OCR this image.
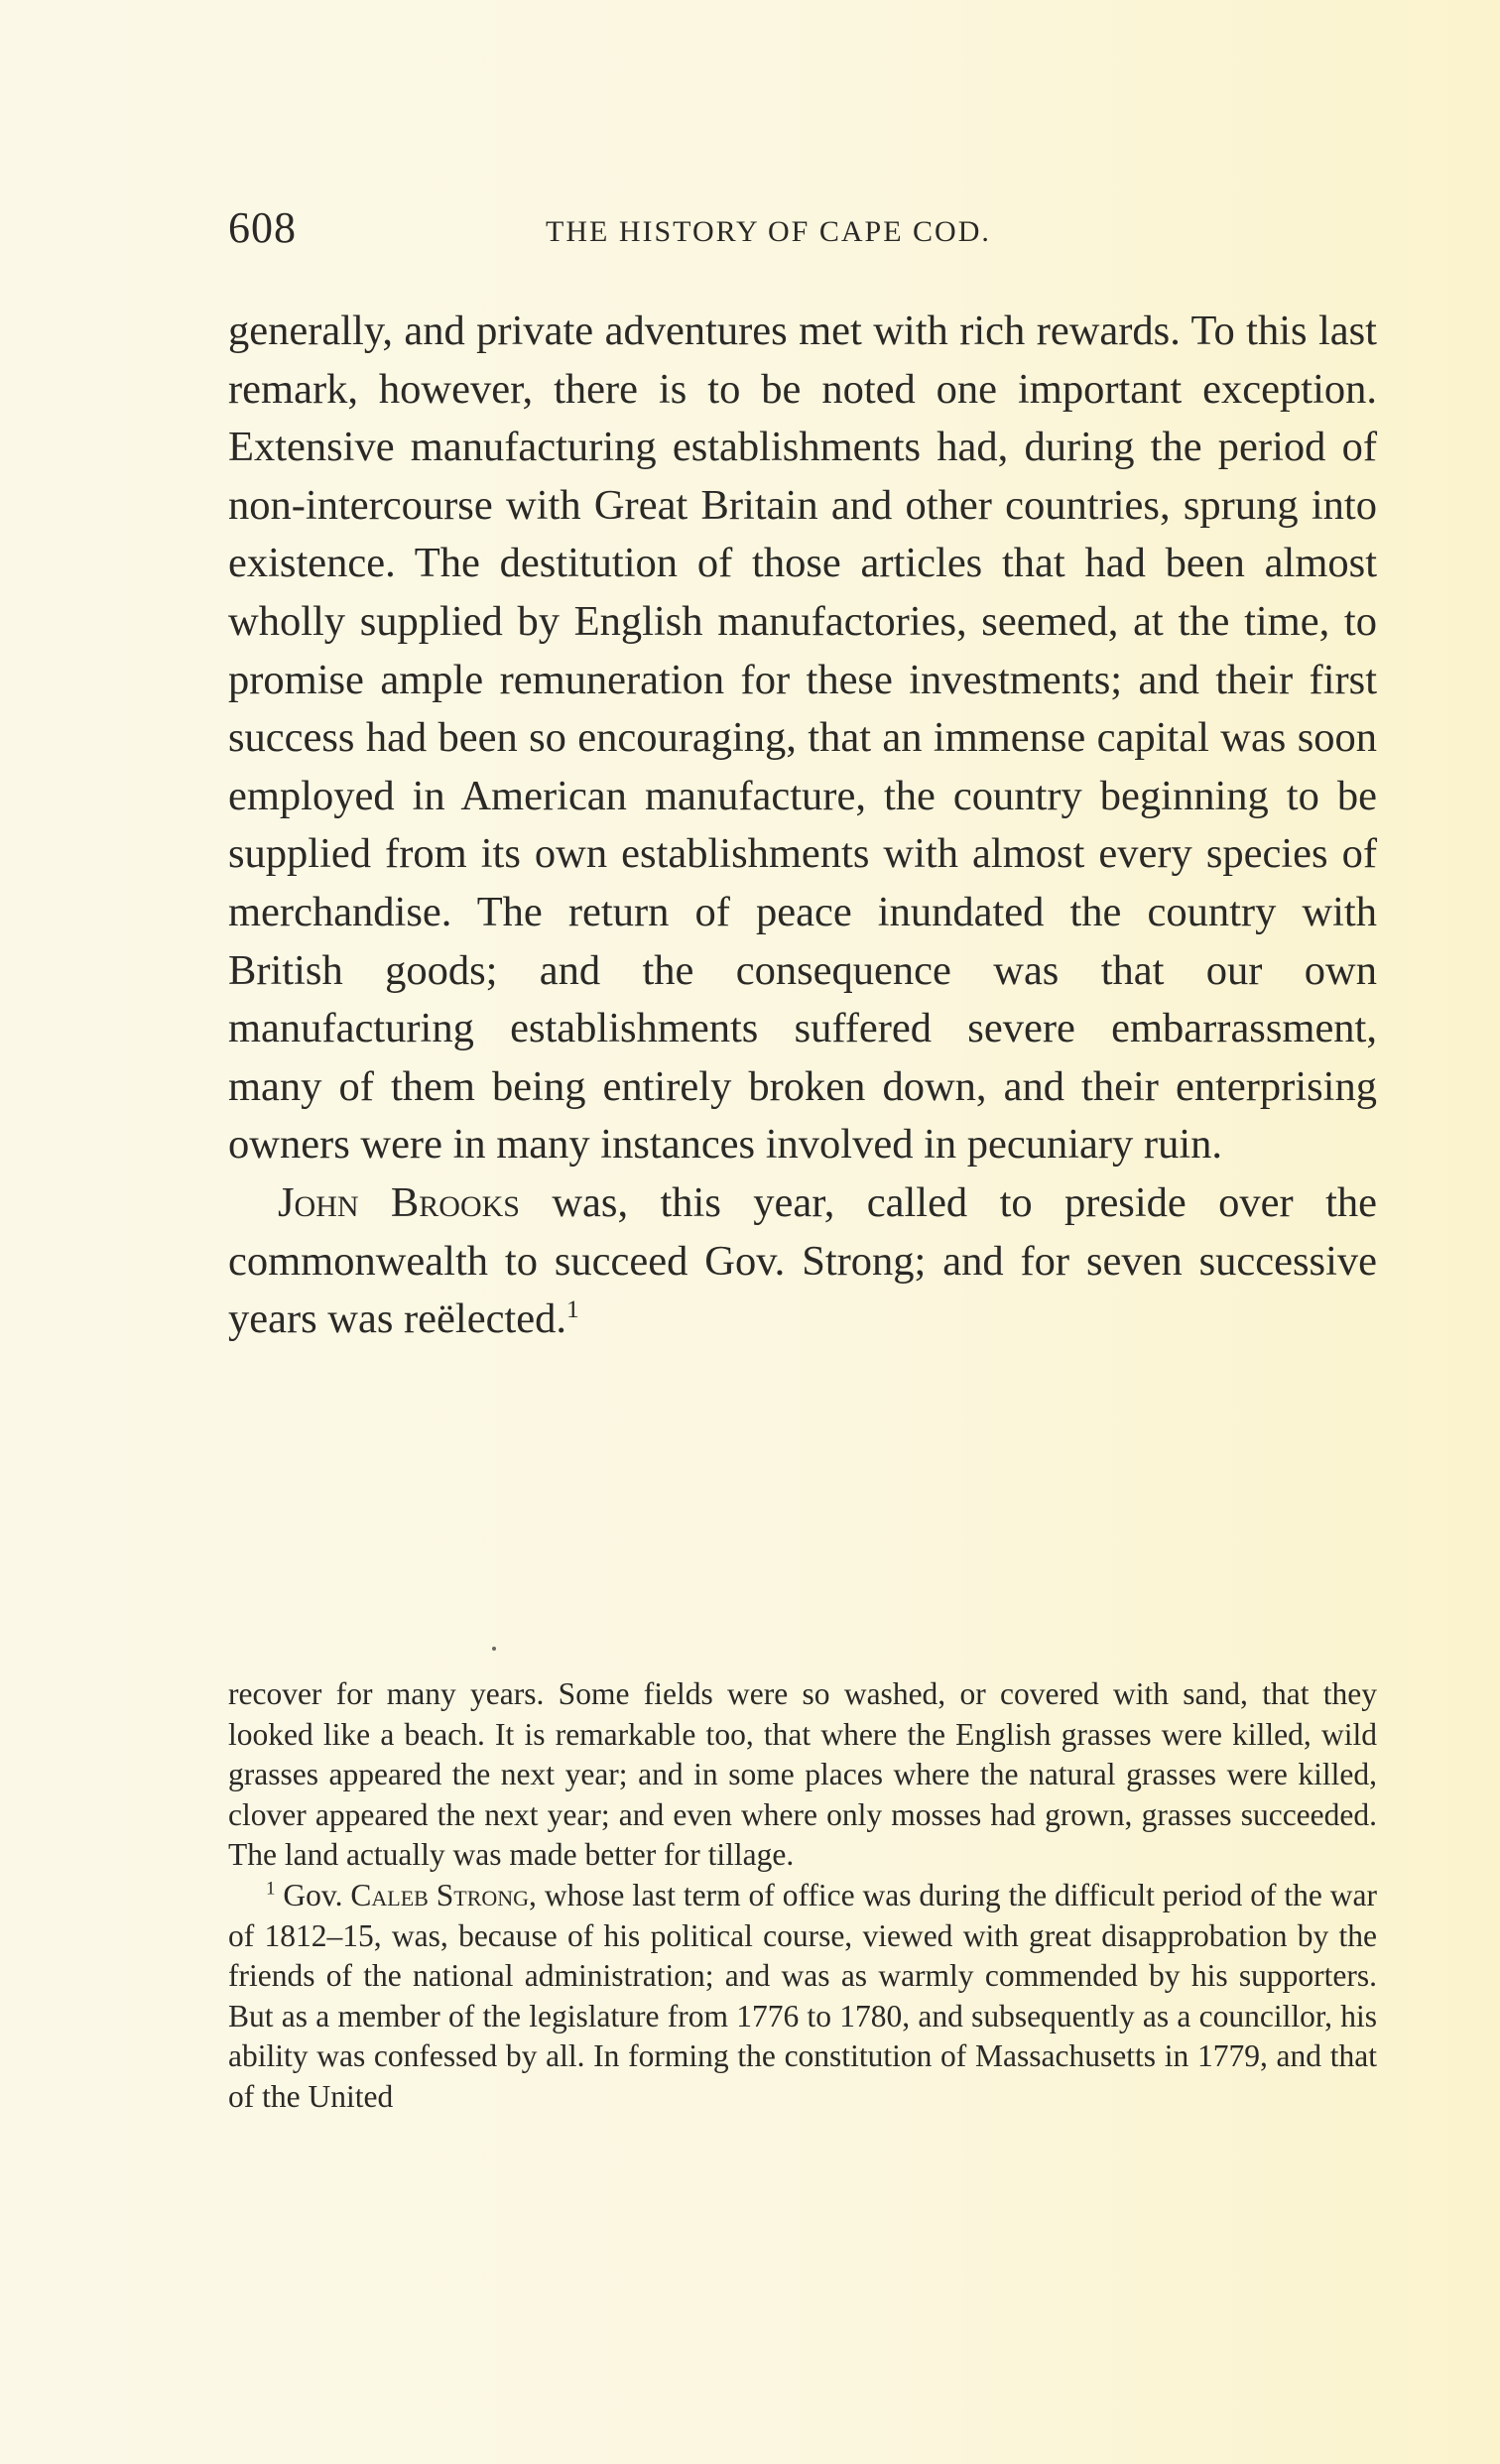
608	THE HISTORY OF CAPE COD.

generally, and private adventures met with rich rewards. To this last remark, however, there is to be noted one important exception. Extensive manufacturing establishments had, during the period of non-intercourse with Great Britain and other countries, sprung into existence. The destitution of those articles that had been almost wholly supplied by English manufactories, seemed, at the time, to promise ample remuneration for these investments; and their first success had been so encouraging, that an immense capital was soon employed in American manufacture, the country beginning to be supplied from its own establishments with almost every species of merchandise. The return of peace inundated the country with British goods; and the consequence was that our own manufacturing establishments suffered severe embarrassment, many of them being entirely broken down, and their enterprising owners were in many instances involved in pecuniary ruin.

John Brooks was, this year, called to preside over the commonwealth to succeed Gov. Strong; and for seven successive years was reëlected.$^1$

recover for many years. Some fields were so washed, or covered with sand, that they looked like a beach. It is remarkable too, that where the English grasses were killed, wild grasses appeared the next year; and in some places where the natural grasses were killed, clover appeared the next year; and even where only mosses had grown, grasses succeeded. The land actually was made better for tillage.

$^1$ Gov. Caleb Strong, whose last term of office was during the difficult period of the war of 1812–15, was, because of his political course, viewed with great disapprobation by the friends of the national administration; and was as warmly commended by his supporters. But as a member of the legislature from 1776 to 1780, and subsequently as a councillor, his ability was confessed by all. In forming the constitution of Massachusetts in 1779, and that of the United
